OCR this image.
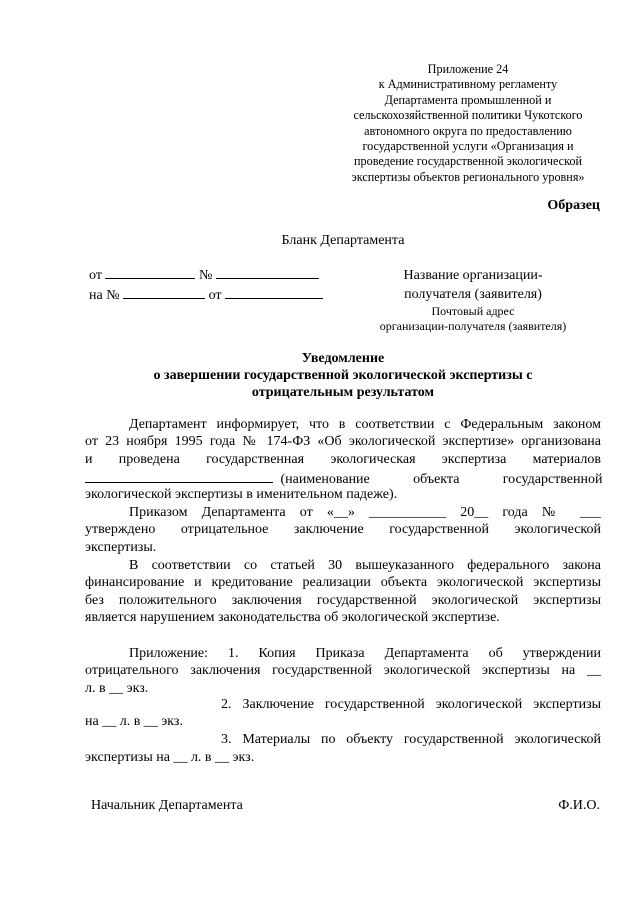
Приложение 24
к Административному регламенту
Департамента промышленной и
сельскохозяйственной политики Чукотского
автономного округа по предоставлению
государственной услуги «Организация и
проведение государственной экологической
экспертизы объектов регионального уровня»
Образец
Бланк Департамента
от	№
на №	от
Название организации-
получателя (заявителя)
Почтовый адрес
организации-получателя (заявителя)
Уведомление
о завершении государственной экологической экспертизы с
отрицательным результатом
Департамент информирует, что в соответствии с Федеральным законом
от 23 ноября 1995 года № 174-ФЗ «Об экологической экспертизе» организована
и проведена государственная экологическая экспертиза материалов
(наименование объекта государственной
экологической экспертизы в именительном падеже).
Приказом Департамента от «__» ___________ 20__ года № ___
утверждено отрицательное заключение государственной экологической
экспертизы.
В соответствии со статьей 30 вышеуказанного федерального закона
финансирование и кредитование реализации объекта экологической экспертизы
без положительного заключения государственной экологической экспертизы
является нарушением законодательства об экологической экспертизе.
Приложение: 1. Копия Приказа Департамента об утверждении
отрицательного заключения государственной экологической экспертизы на __
л. в __ экз.
2. Заключение государственной экологической экспертизы
на __ л. в __ экз.
3. Материалы по объекту государственной экологической
экспертизы на __ л. в __ экз.
Начальник Департамента	Ф.И.О.
